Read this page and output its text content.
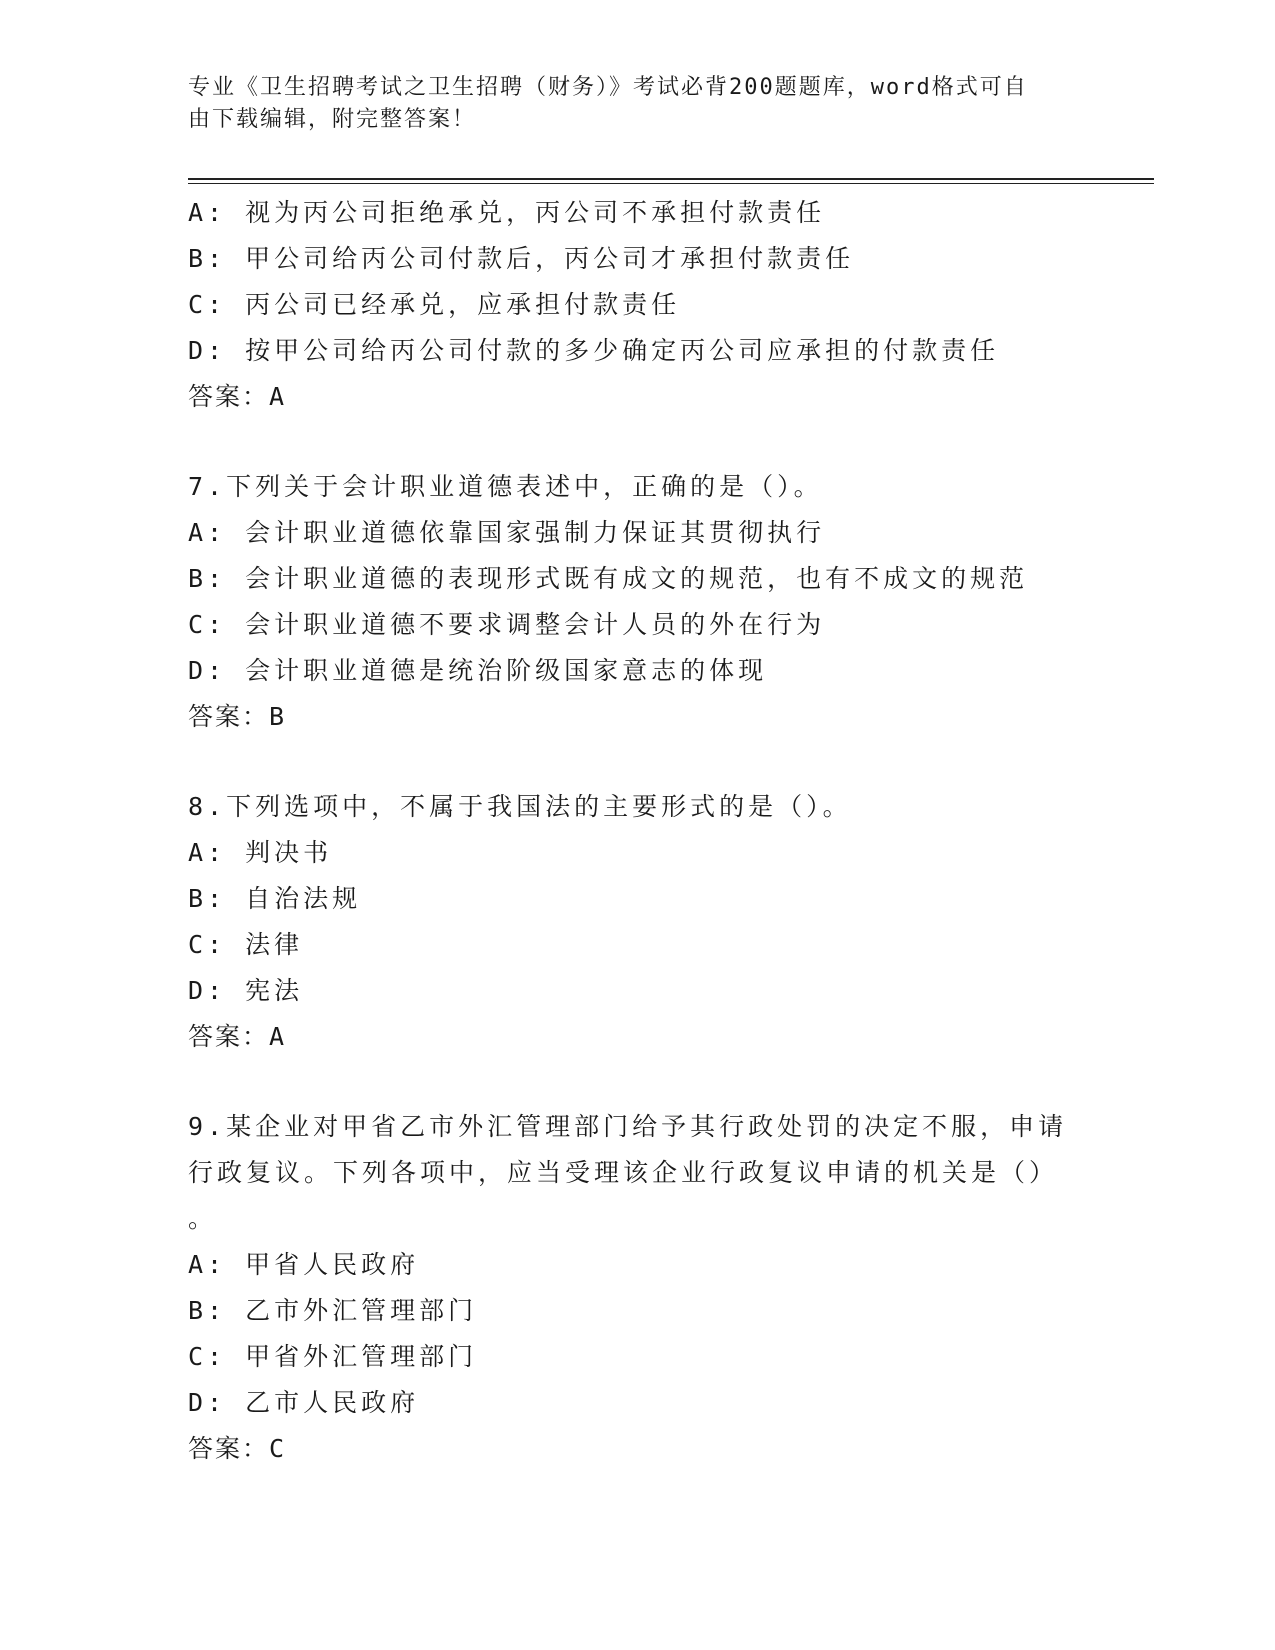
专业《卫生招聘考试之卫生招聘（财务）》考试必背200题题库，word格式可自
由下载编辑，附完整答案！
A: 视为丙公司拒绝承兑，丙公司不承担付款责任
B: 甲公司给丙公司付款后，丙公司才承担付款责任
C: 丙公司已经承兑，应承担付款责任
D: 按甲公司给丙公司付款的多少确定丙公司应承担的付款责任
答案：A
7.下列关于会计职业道德表述中，正确的是（）。
A: 会计职业道德依靠国家强制力保证其贯彻执行
B: 会计职业道德的表现形式既有成文的规范，也有不成文的规范
C: 会计职业道德不要求调整会计人员的外在行为
D: 会计职业道德是统治阶级国家意志的体现
答案：B
8.下列选项中，不属于我国法的主要形式的是（）。
A: 判决书
B: 自治法规
C: 法律
D: 宪法
答案：A
9.某企业对甲省乙市外汇管理部门给予其行政处罚的决定不服，申请
行政复议。下列各项中，应当受理该企业行政复议申请的机关是（）
。
A: 甲省人民政府
B: 乙市外汇管理部门
C: 甲省外汇管理部门
D: 乙市人民政府
答案：C
